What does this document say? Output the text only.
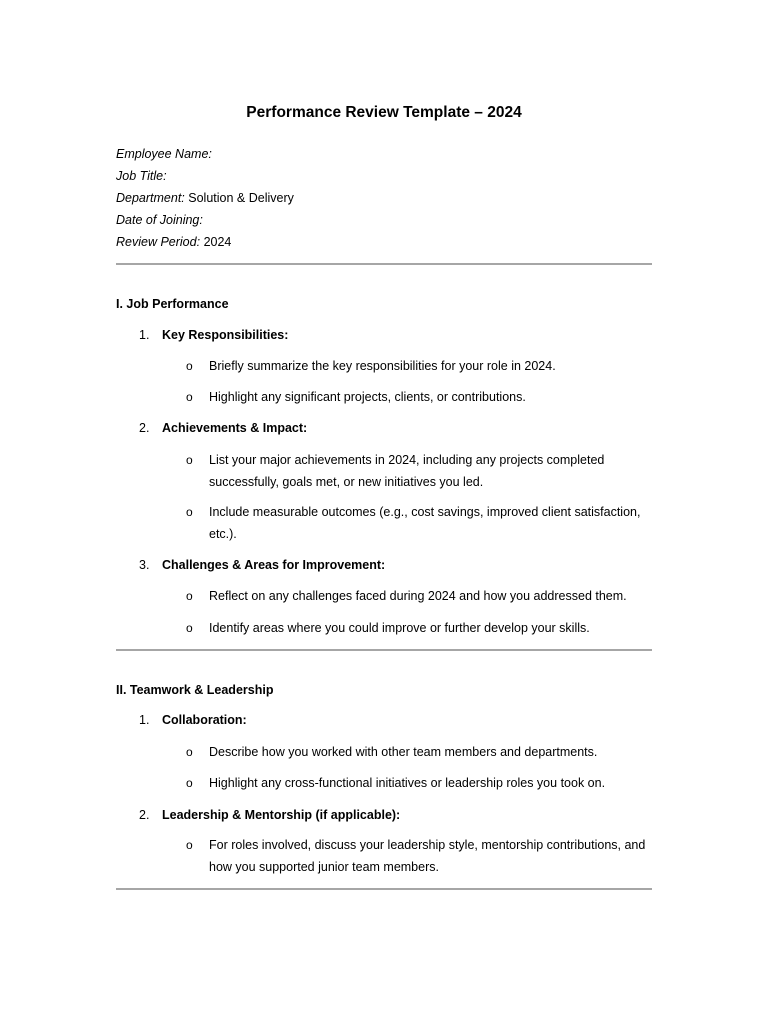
Performance Review Template – 2024
Employee Name:
Job Title:
Department: Solution & Delivery
Date of Joining:
Review Period: 2024
I. Job Performance
1. Key Responsibilities:
o Briefly summarize the key responsibilities for your role in 2024.
o Highlight any significant projects, clients, or contributions.
2. Achievements & Impact:
o List your major achievements in 2024, including any projects completed successfully, goals met, or new initiatives you led.
o Include measurable outcomes (e.g., cost savings, improved client satisfaction, etc.).
3. Challenges & Areas for Improvement:
o Reflect on any challenges faced during 2024 and how you addressed them.
o Identify areas where you could improve or further develop your skills.
II. Teamwork & Leadership
1. Collaboration:
o Describe how you worked with other team members and departments.
o Highlight any cross-functional initiatives or leadership roles you took on.
2. Leadership & Mentorship (if applicable):
o For roles involved, discuss your leadership style, mentorship contributions, and how you supported junior team members.
